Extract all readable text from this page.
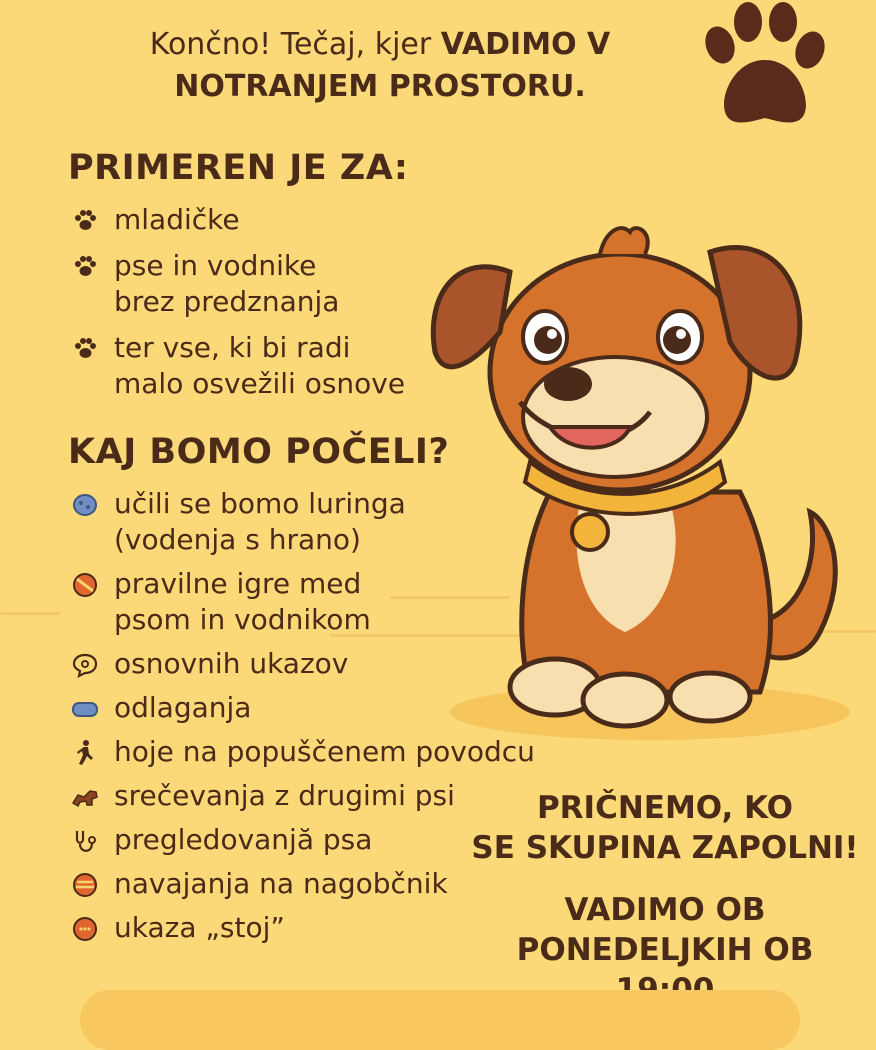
Končno! Tečaj, kjer VADIMO V
NOTRANJEM PROSTORU.
PRIMEREN JE ZA:
mladičke
pse in vodnike
brez predznanja
ter vse, ki bi radi
malo osvežili osnove
KAJ BOMO POČELI?
učili se bomo luringa
(vodenja s hrano)
pravilne igre med
psom in vodnikom
osnovnih ukazov
odlaganja
hoje na popuščenem povodcu
srečevanja z drugimi psi
pregledovanjă psa
navajanja na nagobčnik
ukaza „stoj”
PRIČNEMO, KO
SE SKUPINA ZAPOLNI!
VADIMO OB
PONEDELJKIH OB
